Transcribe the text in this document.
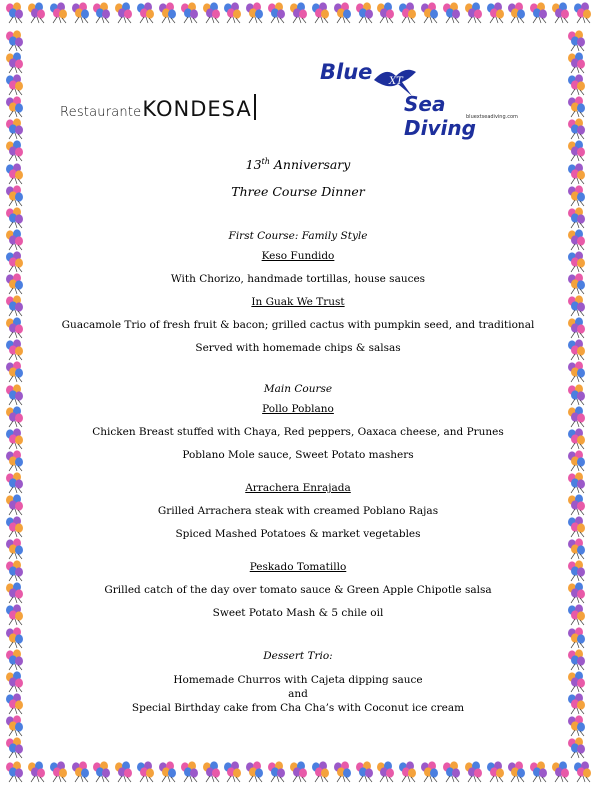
Restaurante KONDESA
Blue XT
Sea Diving
bluextseadiving.com

13th Anniversary

Three Course Dinner

First Course: Family Style

Keso Fundido

With Chorizo, handmade tortillas, house sauces

In Guak We Trust

Guacamole Trio of fresh fruit & bacon; grilled cactus with pumpkin seed, and traditional

Served with homemade chips & salsas

Main Course

Pollo Poblano

Chicken Breast stuffed with Chaya, Red peppers, Oaxaca cheese, and Prunes

Poblano Mole sauce, Sweet Potato mashers

Arrachera Enrajada

Grilled Arrachera steak with creamed Poblano Rajas

Spiced Mashed Potatoes & market vegetables

Peskado Tomatillo

Grilled catch of the day over tomato sauce & Green Apple Chipotle salsa

Sweet Potato Mash & 5 chile oil

Dessert Trio:

Homemade Churros with Cajeta dipping sauce

and

Special Birthday cake from Cha Cha’s with Coconut ice cream
